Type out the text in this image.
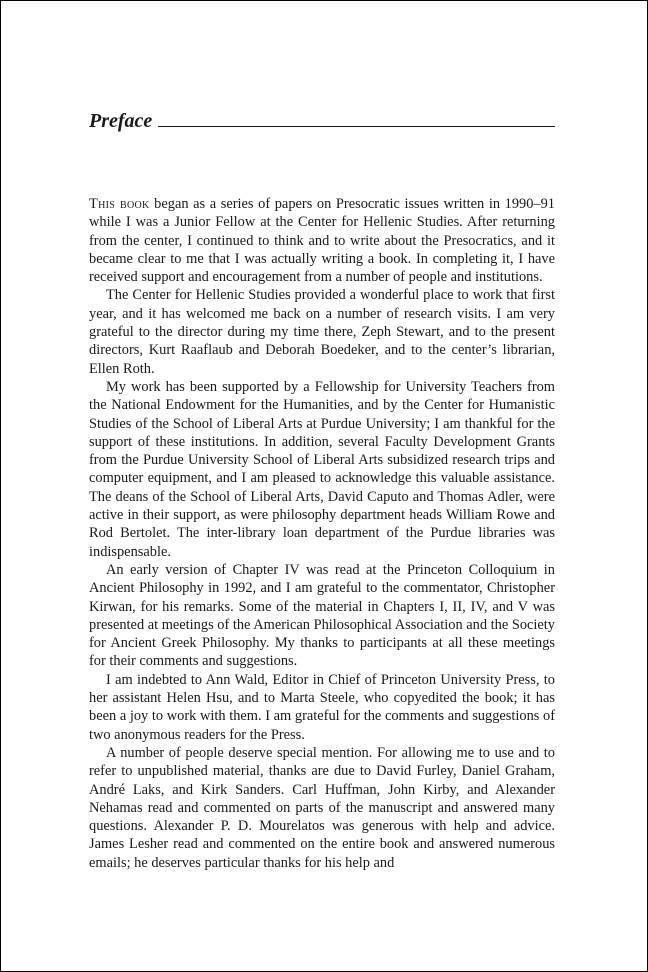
Preface

This book began as a series of papers on Presocratic issues written in 1990–91 while I was a Junior Fellow at the Center for Hellenic Studies. After returning from the center, I continued to think and to write about the Presocratics, and it became clear to me that I was actually writing a book. In completing it, I have received support and encouragement from a number of people and institutions.

The Center for Hellenic Studies provided a wonderful place to work that first year, and it has welcomed me back on a number of research visits. I am very grateful to the director during my time there, Zeph Stewart, and to the present directors, Kurt Raaflaub and Deborah Boedeker, and to the center’s librarian, Ellen Roth.

My work has been supported by a Fellowship for University Teachers from the National Endowment for the Humanities, and by the Center for Humanistic Studies of the School of Liberal Arts at Purdue University; I am thankful for the support of these institutions. In addition, several Faculty Development Grants from the Purdue University School of Liberal Arts subsidized research trips and computer equipment, and I am pleased to acknowledge this valuable assistance. The deans of the School of Liberal Arts, David Caputo and Thomas Adler, were active in their support, as were philosophy department heads William Rowe and Rod Bertolet. The inter-library loan department of the Purdue libraries was indispensable.

An early version of Chapter IV was read at the Princeton Colloquium in Ancient Philosophy in 1992, and I am grateful to the commentator, Christopher Kirwan, for his remarks. Some of the material in Chapters I, II, IV, and V was presented at meetings of the American Philosophical Association and the Society for Ancient Greek Philosophy. My thanks to participants at all these meetings for their comments and suggestions.

I am indebted to Ann Wald, Editor in Chief of Princeton University Press, to her assistant Helen Hsu, and to Marta Steele, who copyedited the book; it has been a joy to work with them. I am grateful for the comments and suggestions of two anonymous readers for the Press.

A number of people deserve special mention. For allowing me to use and to refer to unpublished material, thanks are due to David Furley, Daniel Graham, André Laks, and Kirk Sanders. Carl Huffman, John Kirby, and Alexander Nehamas read and commented on parts of the manuscript and answered many questions. Alexander P. D. Mourelatos was generous with help and advice. James Lesher read and commented on the entire book and answered numerous emails; he deserves particular thanks for his help and
